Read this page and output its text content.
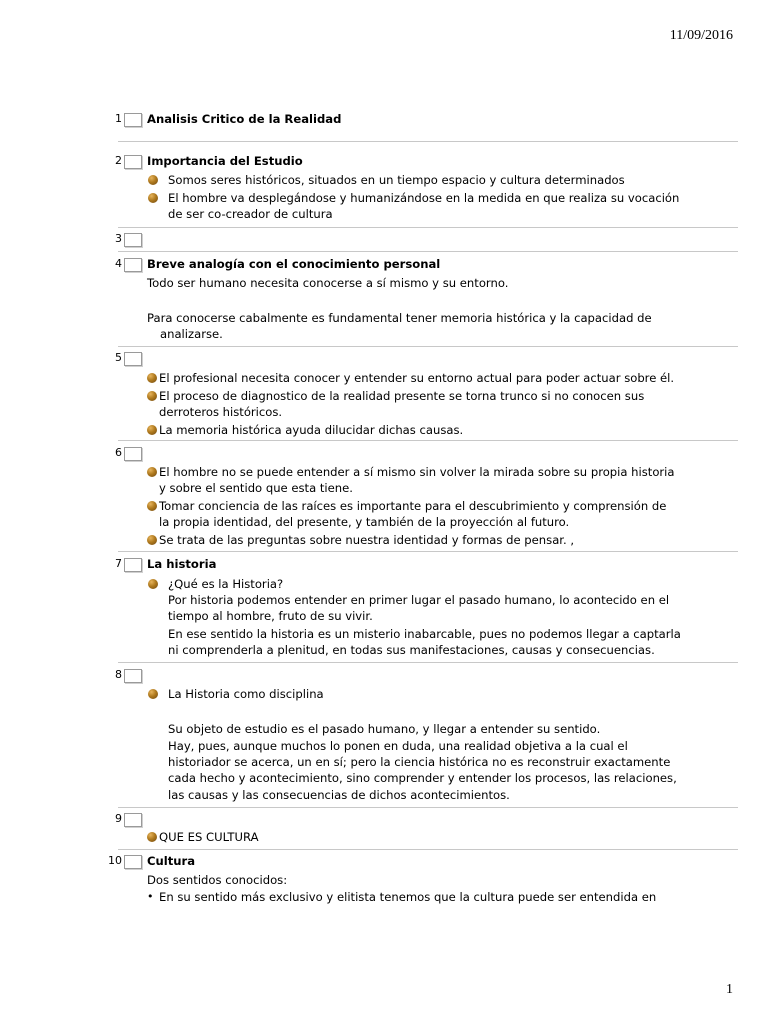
11/09/2016
1 Analisis Critico de la Realidad
2 Importancia del Estudio
Somos seres históricos, situados en un tiempo espacio y cultura determinados
El hombre va desplegándose y humanizándose en la medida en que realiza su vocación
de ser co-creador de cultura
3
4 Breve analogía con el conocimiento personal
Todo ser humano necesita conocerse a sí mismo y su entorno.
Para conocerse cabalmente es fundamental tener memoria histórica y la capacidad de
analizarse.
5
El profesional necesita conocer y entender su entorno actual para poder actuar sobre él.
El proceso de diagnostico de la realidad presente se torna trunco si no conocen sus
derroteros históricos.
La memoria histórica ayuda dilucidar dichas causas.
6
El hombre no se puede entender a sí mismo sin volver la mirada sobre su propia historia
y sobre el sentido que esta tiene.
Tomar conciencia de las raíces es importante para el descubrimiento y comprensión de
la propia identidad, del presente, y también de la proyección al futuro.
Se trata de las preguntas sobre nuestra identidad y formas de pensar. ,
7 La historia
¿Qué es la Historia?
Por historia podemos entender en primer lugar el pasado humano, lo acontecido en el
tiempo al hombre, fruto de su vivir.
En ese sentido la historia es un misterio inabarcable, pues no podemos llegar a captarla
ni comprenderla a plenitud, en todas sus manifestaciones, causas y consecuencias.
8
La Historia como disciplina
Su objeto de estudio es el pasado humano, y llegar a entender su sentido.
Hay, pues, aunque muchos lo ponen en duda, una realidad objetiva a la cual el
historiador se acerca, un en sí; pero la ciencia histórica no es reconstruir exactamente
cada hecho y acontecimiento, sino comprender y entender los procesos, las relaciones,
las causas y las consecuencias de dichos acontecimientos.
9
QUE ES CULTURA
10 Cultura
Dos sentidos conocidos:
• En su sentido más exclusivo y elitista tenemos que la cultura puede ser entendida en
1
